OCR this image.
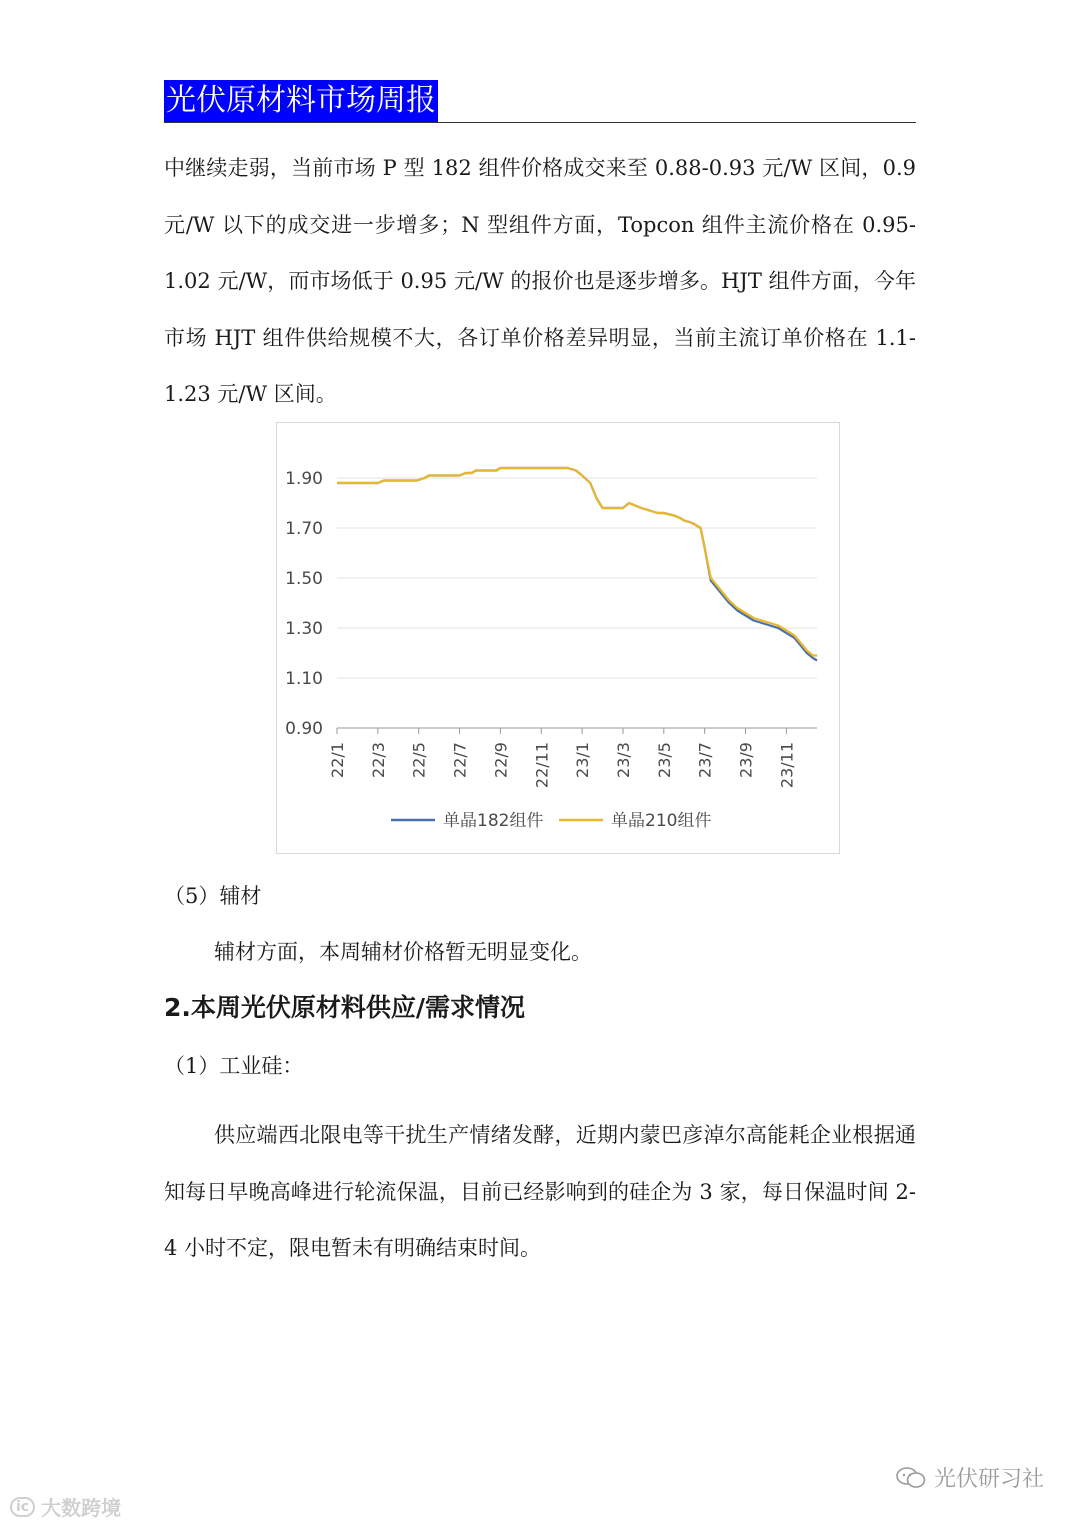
光伏原材料市场周报

中继续走弱，当前市场 P 型 182 组件价格成交来至 0.88-0.93 元/W 区间，0.9 元/W 以下的成交进一步增多；N 型组件方面，Topcon 组件主流价格在 0.95-1.02 元/W，而市场低于 0.95 元/W 的报价也是逐步增多。HJT 组件方面，今年市场 HJT 组件供给规模不大，各订单价格差异明显，当前主流订单价格在 1.1-1.23 元/W 区间。

1.90
1.70
1.50
1.30
1.10
0.90
22/1 22/3 22/5 22/7 22/9 22/11 23/1 23/3 23/5 23/7 23/9 23/11
单晶182组件	单晶210组件
（5）辅材

辅材方面，本周辅材价格暂无明显变化。

2.本周光伏原材料供应/需求情况
（1）工业硅：

供应端西北限电等干扰生产情绪发酵，近期内蒙巴彦淖尔高能耗企业根据通知每日早晚高峰进行轮流保温，目前已经影响到的硅企为 3 家，每日保温时间 2-4 小时不定，限电暂未有明确结束时间。

光伏研习社
ic 大数跨境
